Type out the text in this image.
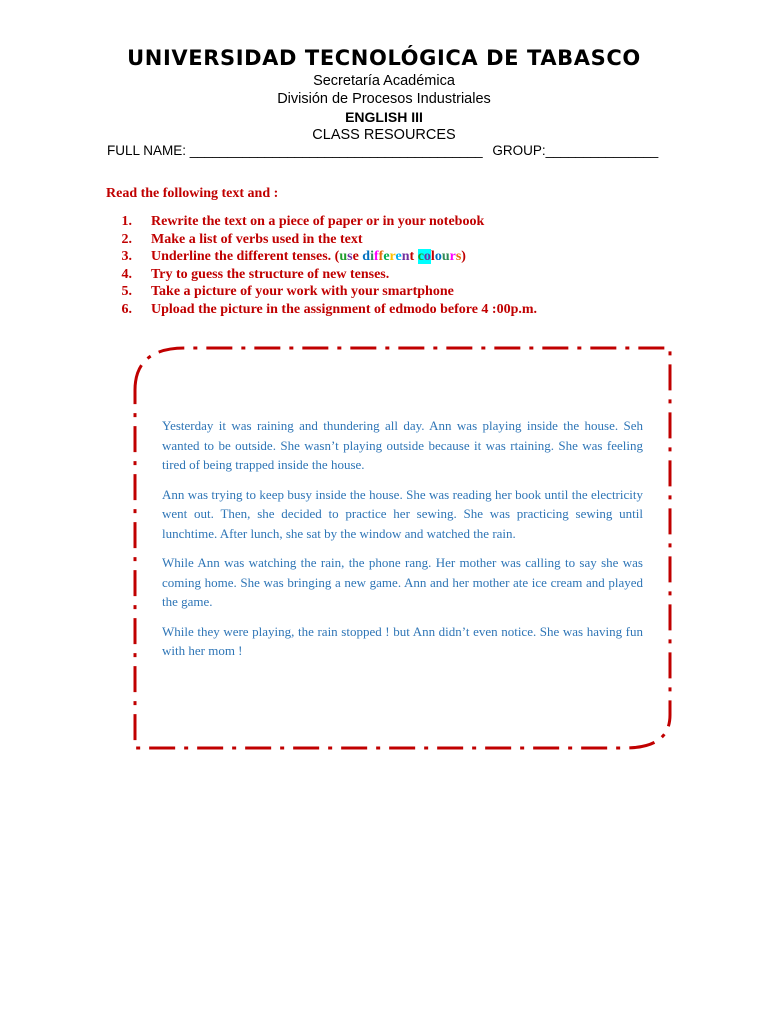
UNIVERSIDAD TECNOLÓGICA DE TABASCO
Secretaría Académica
División de Procesos Industriales
ENGLISH III
CLASS RESOURCES
FULL NAME: _______________________________________ GROUP:_______________

Read the following text and :

1. Rewrite the text on a piece of paper or in your notebook
2. Make a list of verbs used in the text
3. Underline the different tenses. (use different colours)
4. Try to guess the structure of new tenses.
5. Take a picture of your work with your smartphone
6. Upload the picture in the assignment of edmodo before 4 :00p.m.

Yesterday it was raining and thundering all day. Ann was playing inside the house. Seh wanted to be outside. She wasn’t playing outside because it was rtaining. She was feeling tired of being trapped inside the house.

Ann was trying to keep busy inside the house. She was reading her book until the electricity went out. Then, she decided to practice her sewing. She was practicing sewing until lunchtime. After lunch, she sat by the window and watched the rain.

While Ann was watching the rain, the phone rang. Her mother was calling to say she was coming home. She was bringing a new game. Ann and her mother ate ice cream and played the game.

While they were playing, the rain stopped ! but Ann didn’t even notice. She was having fun with her mom !
